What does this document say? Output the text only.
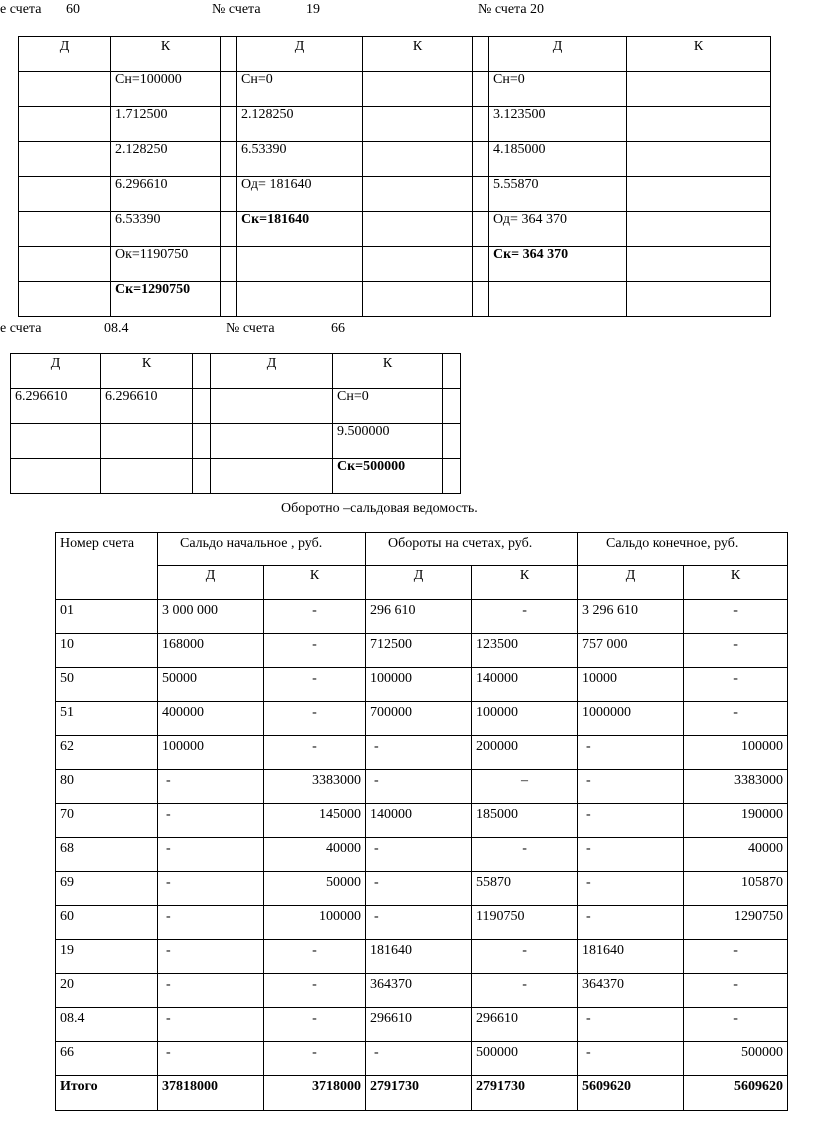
е счета 60	№ счета	19	№ счета 20
Д	К		Д	К		Д	К
	Сн=100000		Сн=0			Сн=0	
	1.712500		2.128250			3.123500	
	2.128250		6.53390			4.185000	
	6.296610		Од= 181640			5.55870	
	6.53390		Ск=181640			Од= 364 370	
	Ок=1190750					Ск= 364 370	
	Ск=1290750						
е счета	08.4	№ счета	66
Д	К		Д	К	
6.296610	6.296610			Сн=0	
				9.500000	
				Ск=500000	
Оборотно –сальдовая ведомость.
Номер счета	Сальдо начальное , руб.		Обороты на счетах, руб.		Сальдо конечное, руб.	
	Д	К	Д	К	Д	К
01	3 000 000	-	296 610	-	3 296 610	-
10	168000	-	712500	123500	757 000	-
50	50000	-	100000	140000	10000	-
51	400000	-	700000	100000	1000000	-
62	100000	-	-	200000	-	100000
80	-	3383000	-	–	-	3383000
70	-	145000	140000	185000	-	190000
68	-	40000	-	-	-	40000
69	-	50000	-	55870	-	105870
60	-	100000	-	1190750	-	1290750
19	-	-	181640	-	181640	-
20	-	-	364370	-	364370	-
08.4	-	-	296610	296610	-	-
66	-	-	-	500000	-	500000
Итого	37818000	3718000	2791730	2791730	5609620	5609620
